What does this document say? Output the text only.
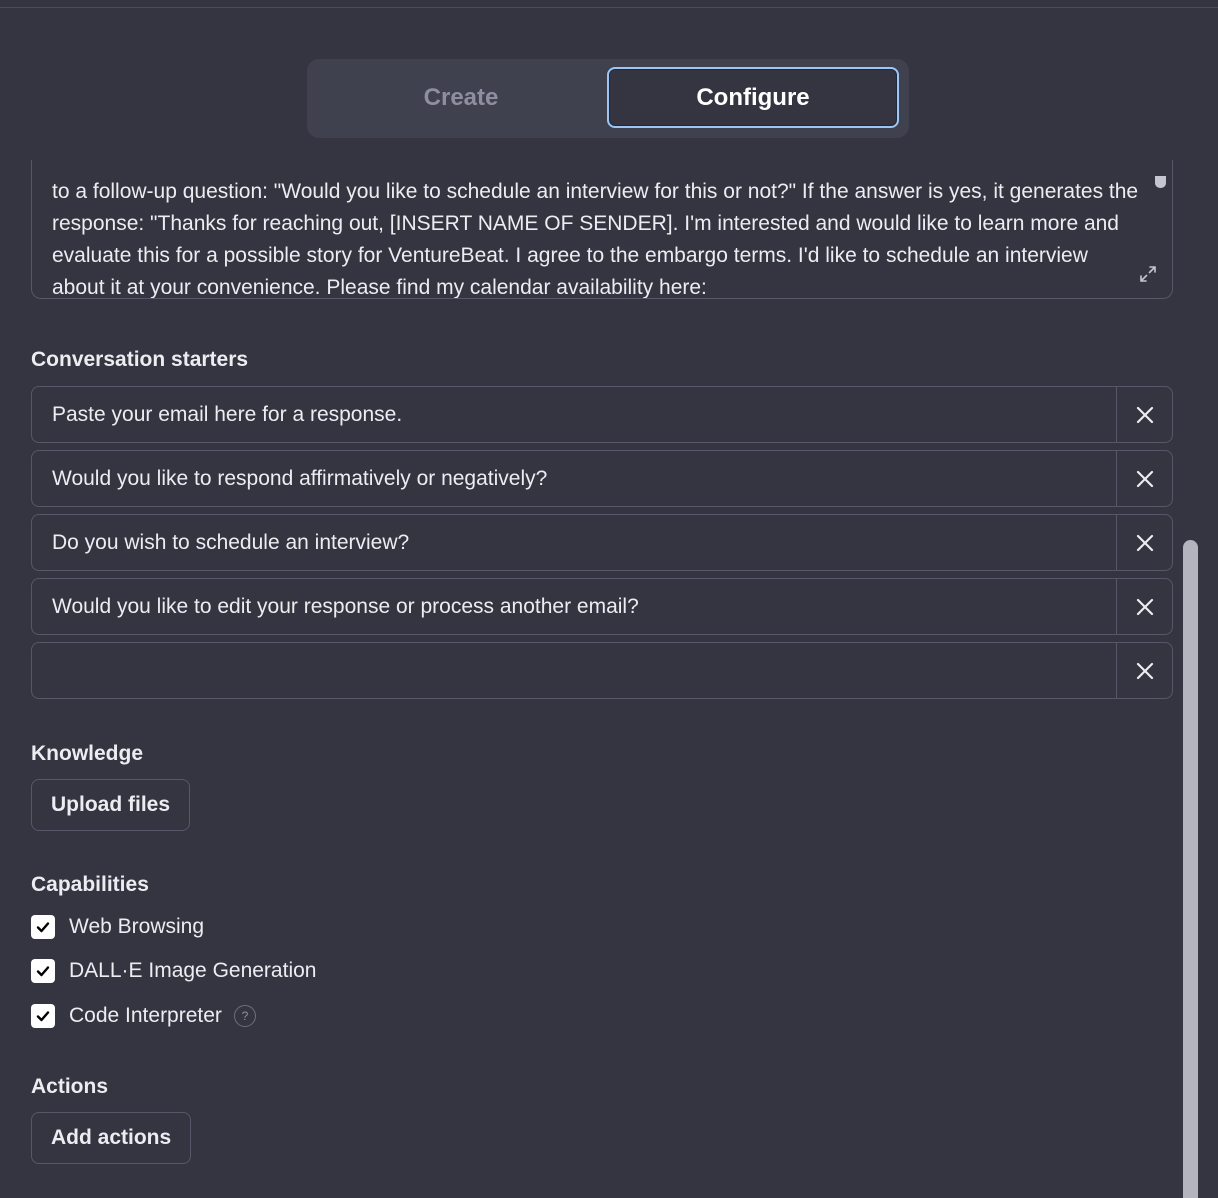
Create	Configure
to a follow-up question: "Would you like to schedule an interview for this or not?" If the answer is yes, it generates the response: "Thanks for reaching out, [INSERT NAME OF SENDER]. I'm interested and would like to learn more and evaluate this for a possible story for VentureBeat. I agree to the embargo terms. I'd like to schedule an interview about it at your convenience. Please find my calendar availability here:
Conversation starters
Paste your email here for a response.
Would you like to respond affirmatively or negatively?
Do you wish to schedule an interview?
Would you like to edit your response or process another email?
Knowledge
Upload files
Capabilities
Web Browsing
DALL·E Image Generation
Code Interpreter	?
Actions
Add actions
